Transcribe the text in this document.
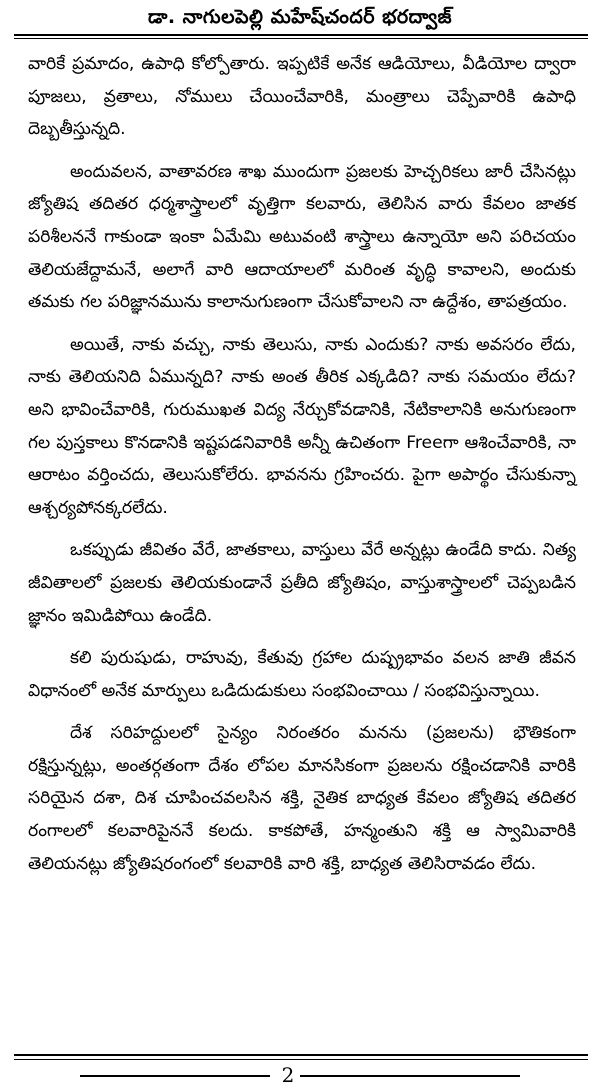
డా. నాగులపెల్లి మహేష్‌చందర్ భరద్వాజ్

వారికే ప్రమాదం, ఉపాధి కోల్పోతారు. ఇప్పటికే అనేక ఆడియోలు, వీడియోల ద్వారా పూజలు, వ్రతాలు, నోములు చేయించేవారికి, మంత్రాలు చెప్పేవారికి ఉపాధి దెబ్బతీస్తున్నది.

అందువలన, వాతావరణ శాఖ ముందుగా ప్రజలకు హెచ్చరికలు జారీ చేసినట్లు జ్యోతిష తదితర ధర్మశాస్త్రాలలో వృత్తిగా కలవారు, తెలిసిన వారు కేవలం జాతక పరిశీలననే గాకుండా ఇంకా ఏమేమి అటువంటి శాస్త్రాలు ఉన్నాయో అని పరిచయం తెలియజేద్దామనే, అలాగే వారి ఆదాయాలలో మరింత వృద్ధి కావాలని, అందుకు తమకు గల పరిజ్ఞానమును కాలానుగుణంగా చేసుకోవాలని నా ఉద్దేశం, తాపత్రయం.

అయితే, నాకు వచ్చు, నాకు తెలుసు, నాకు ఎందుకు? నాకు అవసరం లేదు, నాకు తెలియనిది ఏమున్నది? నాకు అంత తీరిక ఎక్కడిది? నాకు సమయం లేదు? అని భావించేవారికి, గురుముఖత విద్య నేర్చుకోవడానికి, నేటికాలానికి అనుగుణంగా గల పుస్తకాలు కొనడానికి ఇష్టపడనివారికి అన్నీ ఉచితంగా Freeగా ఆశించేవారికి, నా ఆరాటం వర్తించదు, తెలుసుకోలేరు. భావనను గ్రహించరు. పైగా అపార్థం చేసుకున్నా ఆశ్చర్యపోనక్కరలేదు.

ఒకప్పుడు జీవితం వేరే, జాతకాలు, వాస్తులు వేరే అన్నట్లు ఉండేది కాదు. నిత్య జీవితాలలో ప్రజలకు తెలియకుండానే ప్రతీది జ్యోతిషం, వాస్తుశాస్త్రాలలో చెప్పబడిన జ్ఞానం ఇమిడిపోయి ఉండేది.

కలి పురుషుడు, రాహువు, కేతువు గ్రహాల దుష్ప్రభావం వలన జాతి జీవన విధానంలో అనేక మార్పులు ఒడిదుడుకులు సంభవించాయి / సంభవిస్తున్నాయి.

దేశ సరిహద్దులలో సైన్యం నిరంతరం మనను (ప్రజలను) భౌతికంగా రక్షిస్తున్నట్లు, అంతర్గతంగా దేశం లోపల మానసికంగా ప్రజలను రక్షించడానికి వారికి సరియైన దశా, దిశ చూపించవలసిన శక్తి, నైతిక బాధ్యత కేవలం జ్యోతిష తదితర రంగాలలో కలవారిపైననే కలదు. కాకపోతే, హన్మంతుని శక్తి ఆ స్వామివారికి తెలియనట్లు జ్యోతిషరంగంలో కలవారికి వారి శక్తి, బాధ్యత తెలిసిరావడం లేదు.

2
